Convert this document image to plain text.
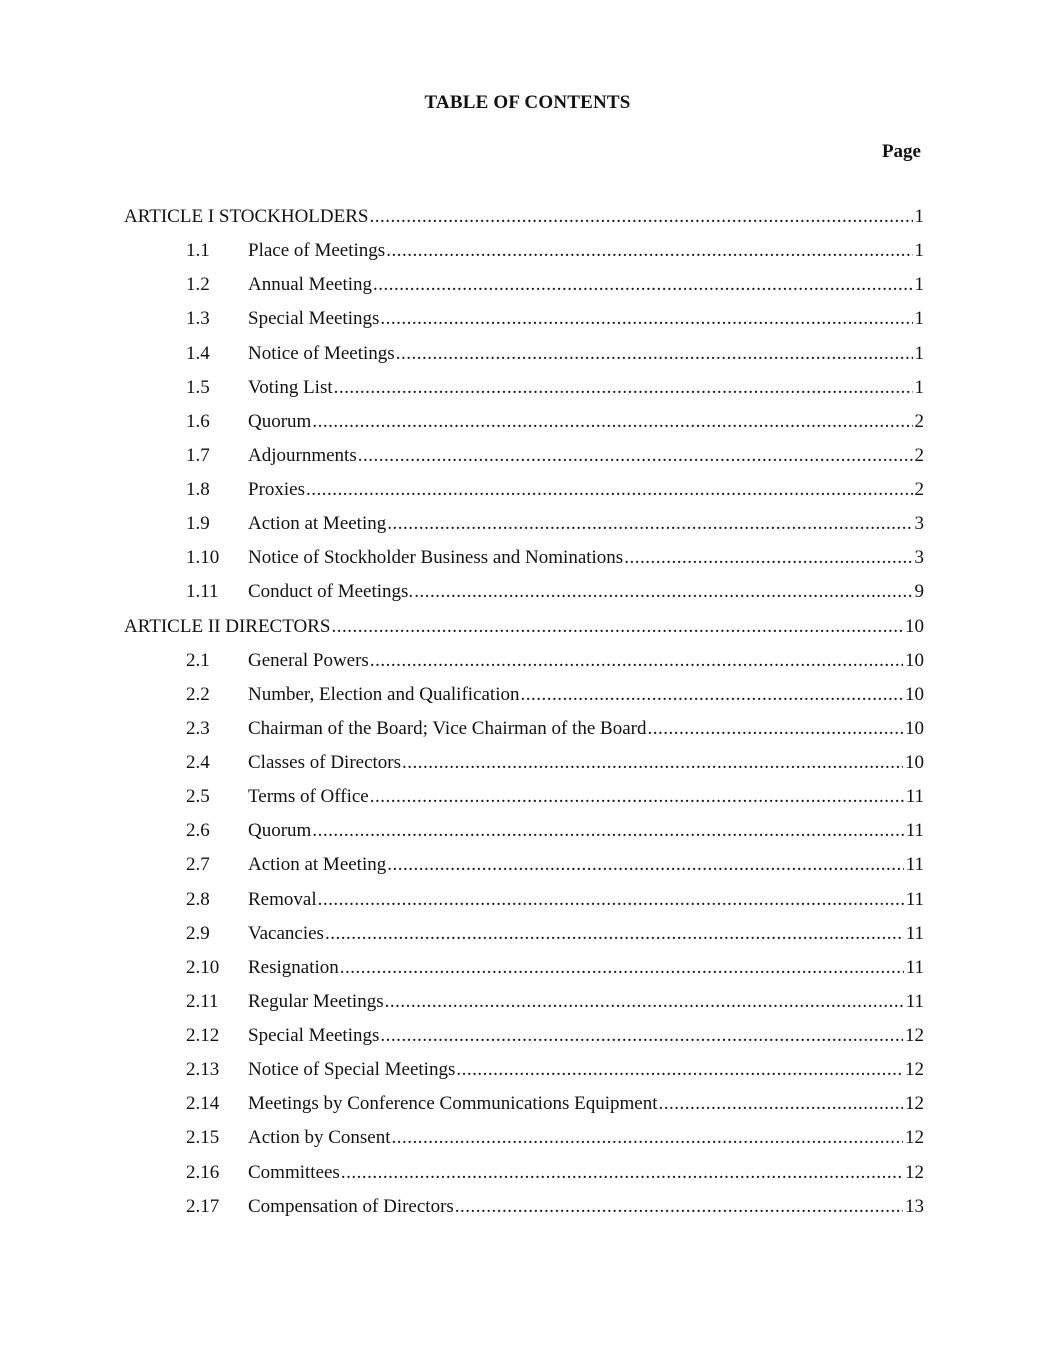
TABLE OF CONTENTS
Page
ARTICLE I STOCKHOLDERS .....	1
1.1 Place of Meetings .....	1
1.2 Annual Meeting .....	1
1.3 Special Meetings .....	1
1.4 Notice of Meetings .....	1
1.5 Voting List .....	1
1.6 Quorum .....	2
1.7 Adjournments .....	2
1.8 Proxies .....	2
1.9 Action at Meeting .....	3
1.10 Notice of Stockholder Business and Nominations .....	3
1.11 Conduct of Meetings. .....	9
ARTICLE II DIRECTORS .....	10
2.1 General Powers .....	10
2.2 Number, Election and Qualification .....	10
2.3 Chairman of the Board; Vice Chairman of the Board .....	10
2.4 Classes of Directors .....	10
2.5 Terms of Office .....	11
2.6 Quorum .....	11
2.7 Action at Meeting .....	11
2.8 Removal .....	11
2.9 Vacancies .....	11
2.10 Resignation .....	11
2.11 Regular Meetings .....	11
2.12 Special Meetings .....	12
2.13 Notice of Special Meetings .....	12
2.14 Meetings by Conference Communications Equipment .....	12
2.15 Action by Consent .....	12
2.16 Committees .....	12
2.17 Compensation of Directors .....	13
